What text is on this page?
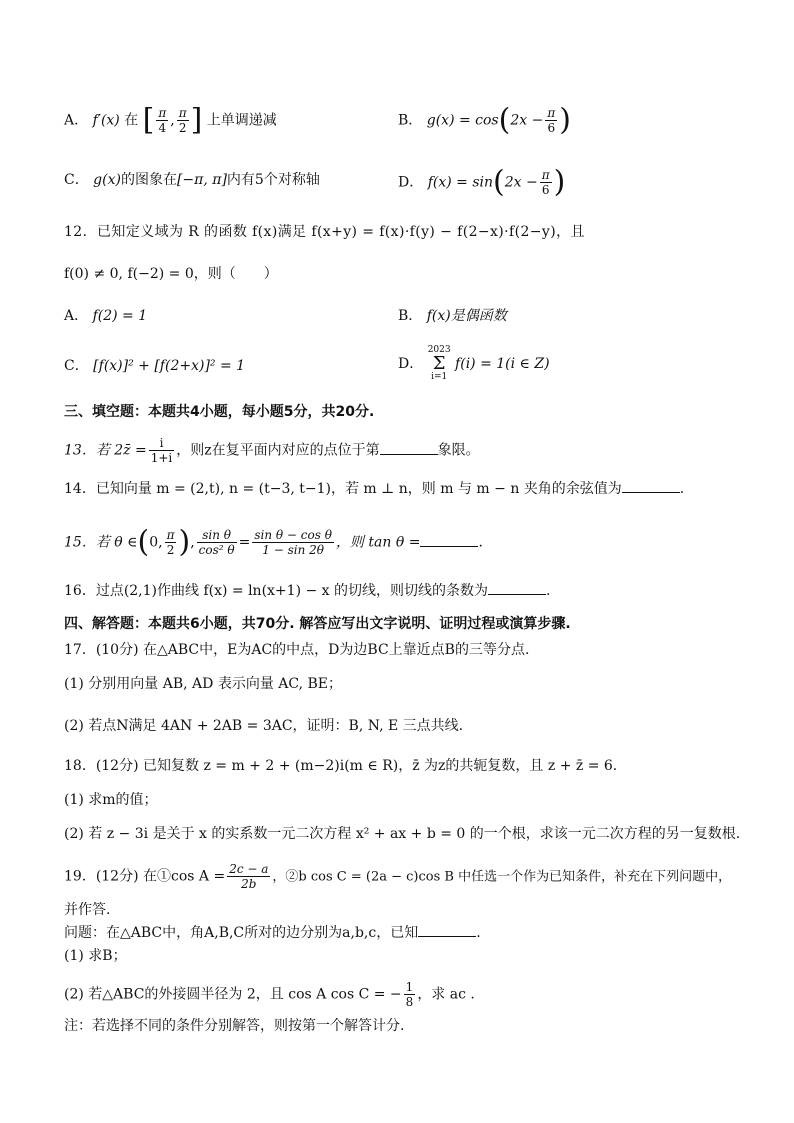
A． f′(x) 在 [ $\frac{\pi}{4}$ , $\frac{\pi}{2}$ ] 上单调递减	B． $g(x) = \cos(2x - \frac{\pi}{6}$ )
C． g(x)的图象在[−π, π]内有5个对称轴	D． $f(x) = \sin(2x - \frac{\pi}{6}$ )
12．已知定义域为 R 的函数 f(x)满足 f(x+y) = f(x)·f(y) − f(2−x)·f(2−y)，且
f(0) ≠ 0, f(−2) = 0，则（　　）
A． f(2) = 1	B． f(x)是偶函数
C． [f(x)]² + [f(2+x)]² = 1	D． 2023
Σ
i=1 f(i) = 1(i ∈ Z)
三、填空题：本题共4小题，每小题5分，共20分.
13．若 2z̄ = $\frac{i}{1+i}$ ，则z在复平面内对应的点位于第	象限。
14．已知向量 m = (2,t), n = (t−3, t−1)，若 m ⊥ n，则 m 与 m − n 夹角的余弦值为	.
15．若 θ ∈(0, $\frac{\pi}{2}$ ), $\frac{\text{sin θ}}{\text{cos² θ}} = \frac{\text{sin θ − cos θ}}{1 - \sin 2\theta}$ ，则 tan θ =	.
16．过点(2,1)作曲线 f(x) = ln(x+1) − x 的切线，则切线的条数为	.
四、解答题：本题共6小题，共70分. 解答应写出文字说明、证明过程或演算步骤.
17．(10分) 在△ABC中，E为AC的中点，D为边BC上靠近点B的三等分点.
(1) 分别用向量 AB, AD 表示向量 AC, BE；
(2) 若点N满足 4AN + 2AB = 3AC，证明：B, N, E 三点共线.
18．(12分) 已知复数 z = m + 2 + (m−2)i(m ∈ R)，z̄ 为z的共轭复数，且 z + z̄ = 6.
(1) 求m的值；
(2) 若 z − 3i 是关于 x 的实系数一元二次方程 x² + ax + b = 0 的一个根，求该一元二次方程的另一复数根.
19．(12分) 在①cos $A = \frac{2c - a}{2b}$ ，②b cos C = (2a − c)cos B 中任选一个作为已知条件，补充在下列问题中，
并作答.
问题：在△ABC中，角A,B,C所对的边分别为a,b,c，已知	.
(1) 求B；
(2) 若△ABC的外接圆半径为 2，且 cos A cos C = − $\frac{1}{8}$ ，求 ac .
注：若选择不同的条件分别解答，则按第一个解答计分.
